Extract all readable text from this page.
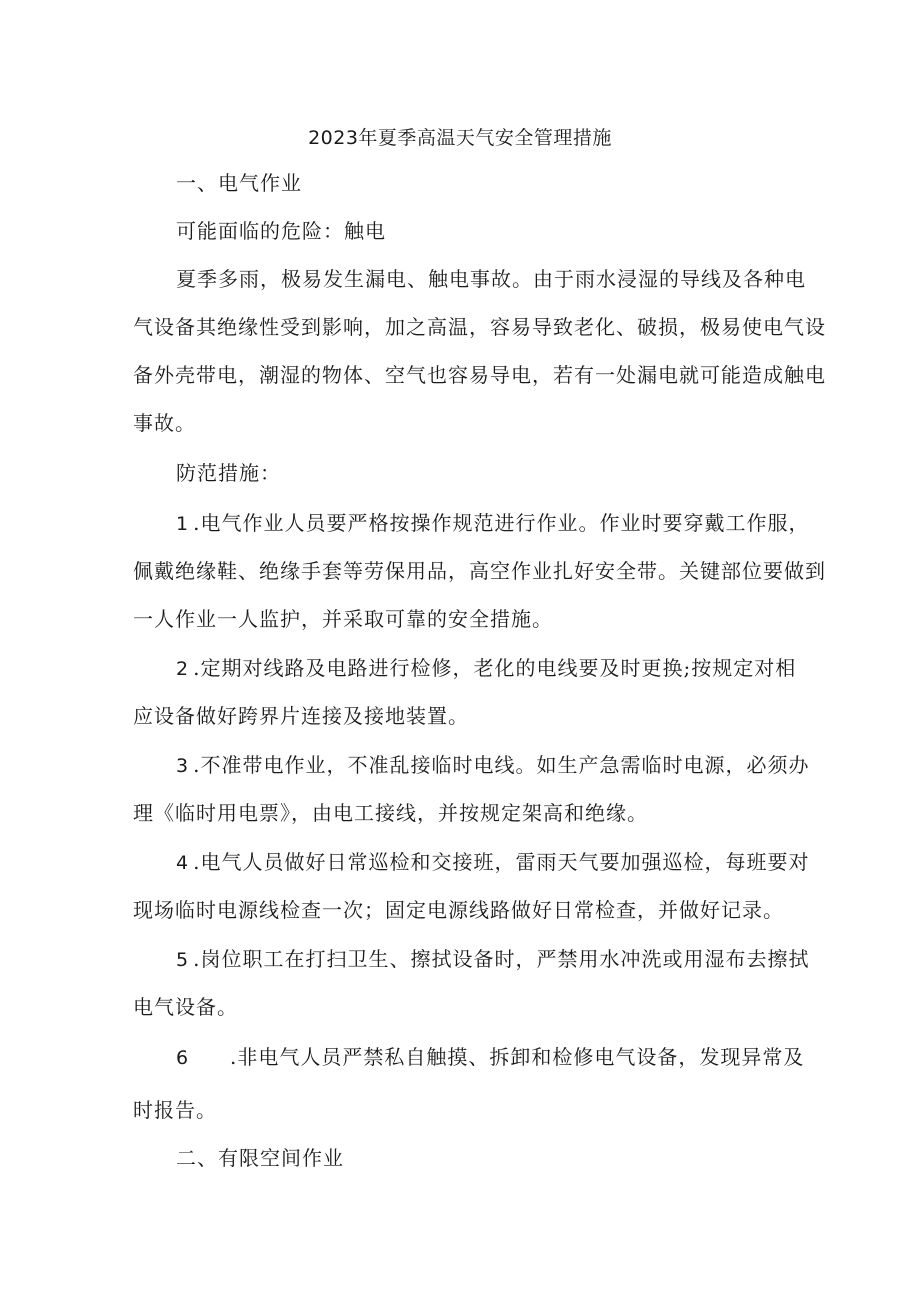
2023年夏季高温天气安全管理措施
一、电气作业
可能面临的危险：触电
夏季多雨，极易发生漏电、触电事故。由于雨水浸湿的导线及各种电
气设备其绝缘性受到影响，加之高温，容易导致老化、破损，极易使电气设
备外壳带电，潮湿的物体、空气也容易导电，若有一处漏电就可能造成触电
事故。
防范措施：
1 .电气作业人员要严格按操作规范进行作业。作业时要穿戴工作服，
佩戴绝缘鞋、绝缘手套等劳保用品，高空作业扎好安全带。关键部位要做到
一人作业一人监护，并采取可靠的安全措施。
2 .定期对线路及电路进行检修，老化的电线要及时更换;按规定对相
应设备做好跨界片连接及接地装置。
3 .不准带电作业，不准乱接临时电线。如生产急需临时电源，必须办
理《临时用电票》，由电工接线，并按规定架高和绝缘。
4 .电气人员做好日常巡检和交接班，雷雨天气要加强巡检，每班要对
现场临时电源线检查一次；固定电源线路做好日常检查，并做好记录。
5 .岗位职工在打扫卫生、擦拭设备时，严禁用水冲洗或用湿布去擦拭
电气设备。
6 .非电气人员严禁私自触摸、拆卸和检修电气设备，发现异常及
时报告。
二、有限空间作业
